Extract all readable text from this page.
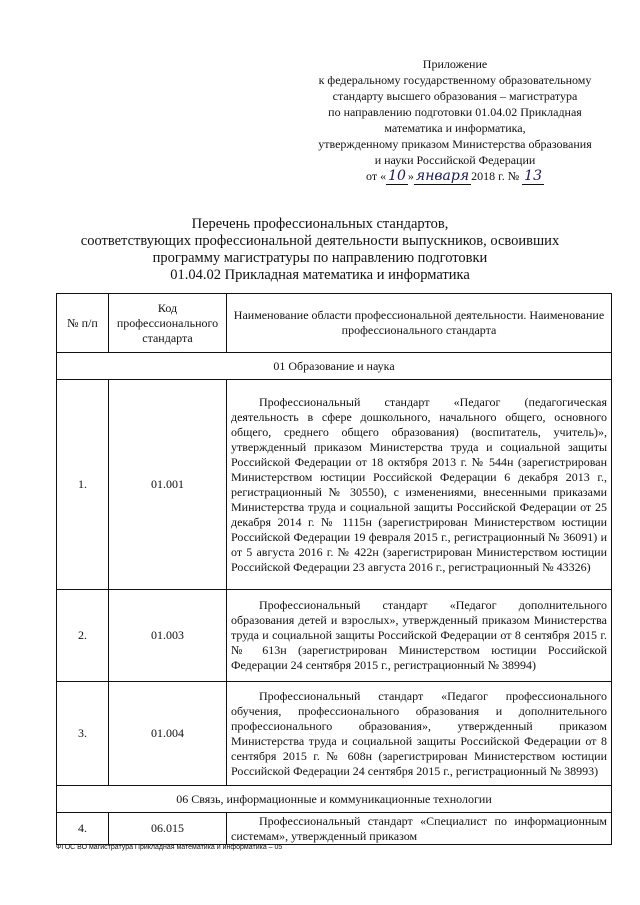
Приложение
к федеральному государственному образовательному
стандарту высшего образования – магистратура
по направлению подготовки 01.04.02 Прикладная
математика и информатика,
утвержденному приказом Министерства образования
и науки Российской Федерации
от « 10 » января 2018 г. № 13
Перечень профессиональных стандартов,
соответствующих профессиональной деятельности выпускников, освоивших
программу магистратуры по направлению подготовки
01.04.02 Прикладная математика и информатика
№ п/п	Код профессионального стандарта	Наименование области профессиональной деятельности. Наименование профессионального стандарта
01 Образование и наука		
1.	01.001	Профессиональный стандарт «Педагог (педагогическая деятельность в сфере дошкольного, начального общего, основного общего, среднего общего образования) (воспитатель, учитель)», утвержденный приказом Министерства труда и социальной защиты Российской Федерации от 18 октября 2013 г. № 544н (зарегистрирован Министерством юстиции Российской Федерации 6 декабря 2013 г., регистрационный № 30550), с изменениями, внесенными приказами Министерства труда и социальной защиты Российской Федерации от 25 декабря 2014 г. № 1115н (зарегистрирован Министерством юстиции Российской Федерации 19 февраля 2015 г., регистрационный № 36091) и от 5 августа 2016 г. № 422н (зарегистрирован Министерством юстиции Российской Федерации 23 августа 2016 г., регистрационный № 43326)
2.	01.003	Профессиональный стандарт «Педагог дополнительного образования детей и взрослых», утвержденный приказом Министерства труда и социальной защиты Российской Федерации от 8 сентября 2015 г. № 613н (зарегистрирован Министерством юстиции Российской Федерации 24 сентября 2015 г., регистрационный № 38994)
3.	01.004	Профессиональный стандарт «Педагог профессионального обучения, профессионального образования и дополнительного профессионального образования», утвержденный приказом Министерства труда и социальной защиты Российской Федерации от 8 сентября 2015 г. № 608н (зарегистрирован Министерством юстиции Российской Федерации 24 сентября 2015 г., регистрационный № 38993)
06 Связь, информационные и коммуникационные технологии		
4.	06.015	Профессиональный стандарт «Специалист по информационным системам», утвержденный приказом
ФГОС ВО магистратура Прикладная математика и информатика – 05
